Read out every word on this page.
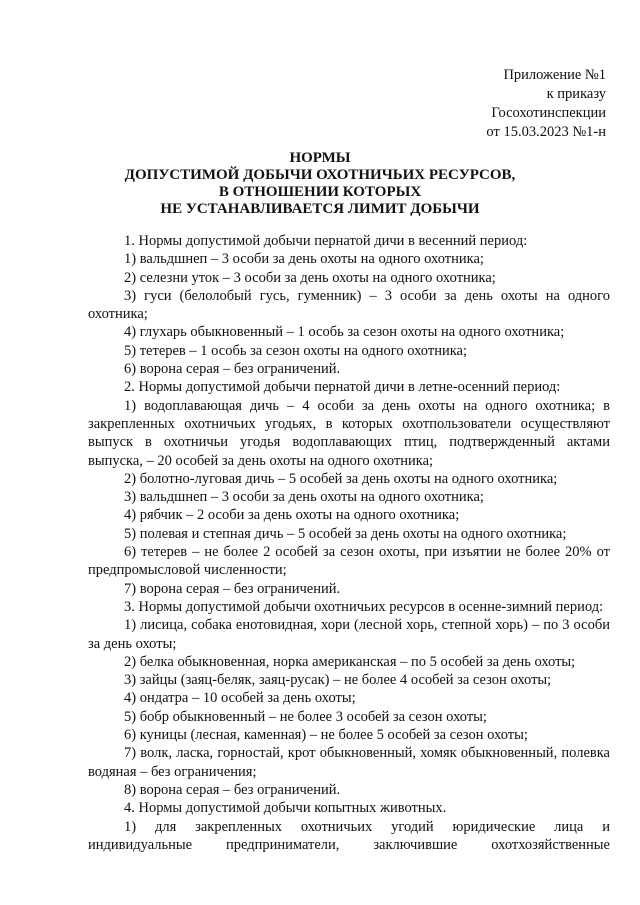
Приложение №1
к приказу
Госохотинспекции
от 15.03.2023 №1-н
НОРМЫ
ДОПУСТИМОЙ ДОБЫЧИ ОХОТНИЧЬИХ РЕСУРСОВ,
В ОТНОШЕНИИ КОТОРЫХ
НЕ УСТАНАВЛИВАЕТСЯ ЛИМИТ ДОБЫЧИ
1. Нормы допустимой добычи пернатой дичи в весенний период:
1) вальдшнеп – 3 особи за день охоты на одного охотника;
2) селезни уток – 3 особи за день охоты на одного охотника;
3) гуси (белолобый гусь, гуменник) – 3 особи за день охоты на одного охотника;
4) глухарь обыкновенный – 1 особь за сезон охоты на одного охотника;
5) тетерев – 1 особь за сезон охоты на одного охотника;
6) ворона серая – без ограничений.
2. Нормы допустимой добычи пернатой дичи в летне-осенний период:
1) водоплавающая дичь – 4 особи за день охоты на одного охотника; в закрепленных охотничьих угодьях, в которых охотпользователи осуществляют выпуск в охотничьи угодья водоплавающих птиц, подтвержденный актами выпуска, – 20 особей за день охоты на одного охотника;
2) болотно-луговая дичь – 5 особей за день охоты на одного охотника;
3) вальдшнеп – 3 особи за день охоты на одного охотника;
4) рябчик – 2 особи за день охоты на одного охотника;
5) полевая и степная дичь – 5 особей за день охоты на одного охотника;
6) тетерев – не более 2 особей за сезон охоты, при изъятии не более 20% от предпромысловой численности;
7) ворона серая – без ограничений.
3. Нормы допустимой добычи охотничьих ресурсов в осенне-зимний период:
1) лисица, собака енотовидная, хори (лесной хорь, степной хорь) – по 3 особи за день охоты;
2) белка обыкновенная, норка американская – по 5 особей за день охоты;
3) зайцы (заяц-беляк, заяц-русак) – не более 4 особей за сезон охоты;
4) ондатра – 10 особей за день охоты;
5) бобр обыкновенный – не более 3 особей за сезон охоты;
6) куницы (лесная, каменная) – не более 5 особей за сезон охоты;
7) волк, ласка, горностай, крот обыкновенный, хомяк обыкновенный, полевка водяная – без ограничения;
8) ворона серая – без ограничений.
4. Нормы допустимой добычи копытных животных.
1) для закрепленных охотничьих угодий юридические лица и индивидуальные предприниматели, заключившие охотхозяйственные
